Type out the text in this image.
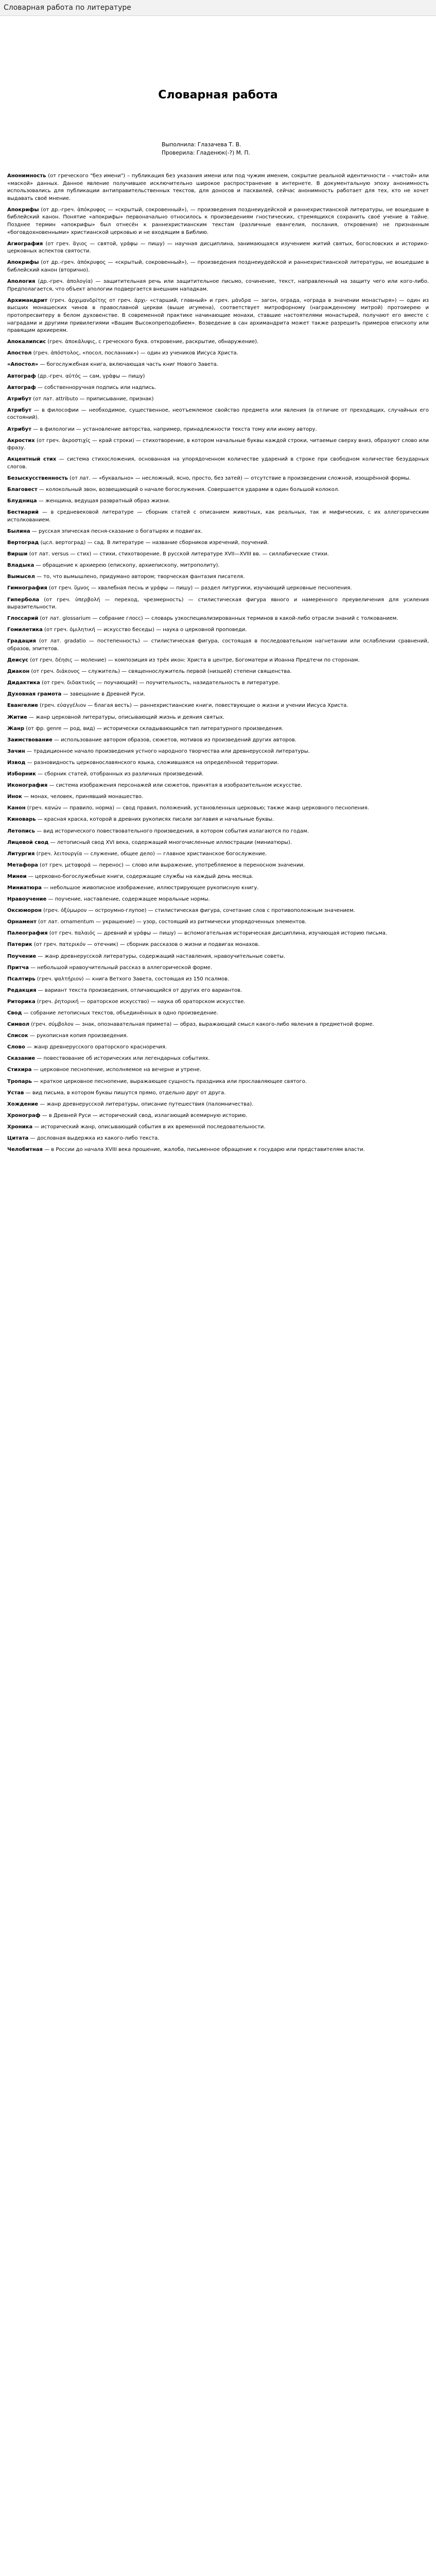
Словарная работа по литературе
Словарная работа

Выполнила: Глазачева Т. В.

Проверила: Гладенюк(-?) М. П.

Анонимность (от греческого "без имени") – публикация без указания имени или под чужим именем, сокрытие реальной идентичности – «чистой» или «маской» данных. Данное явление получившее исключительно широкое распространение в интернете. В документальную эпоху анонимность использовались для публикации антиправительственных текстов, для доносов и пасквилей, сейчас анонимность работает для тех, кто не хочет выдавать своё мнение.

Апокрифы (от др.-греч. ἀπόκρυφος — «скрытый, сокровенный»), — произведения позднеиудейской и раннехристианской литературы, не вошедшие в библейский канон. Понятие «апокрифы» первоначально относилось к произведениям гностических, стремящихся сохранить своё учение в тайне. Позднее термин «апокрифы» был отнесён к раннехристианским текстам (различные евангелия, послания, откровения) не признанным «боговдохновенными» христианской церковью и не входящим в Библию.

Агиография (от греч. ἅγιος — святой, γράφω — пишу) — научная дисциплина, занимающаяся изучением житий святых, богословских и историко-церковных аспектов святости.

Апокрифы (от др.-греч. ἀπόκρυφος — «скрытый, сокровенный»), — произведения позднеиудейской и раннехристианской литературы, не вошедшие в библейский канон (вторично).

Апология (др.-греч. ἀπολογία) — защитительная речь или защитительное письмо, сочинение, текст, направленный на защиту чего или кого-либо. Предполагается, что объект апологии подвергается внешним нападкам.

Архимандрит (греч. ἀρχιμανδρίτης от греч. ἀρχι- «старший, главный» и греч. μάνδρα — загон, ограда, «ограда в значении монастыря») — один из высших монашеских чинов в православной церкви (выше игумена), соответствует митрофорному (награжденному митрой) протоиерею и протопресвитеру в белом духовенстве. В современной практике начинающие монахи, ставшие настоятелями монастырей, получают его вместе с наградами и другими привилегиями «Вашим Высокопреподобием». Возведение в сан архимандрита может также разрешить примеров епископу или правящим архиереям.

Апокалипсис (греч. ἀποκάλυψις, с греческого букв. откровение, раскрытие, обнаружение).

Апостол (греч. ἀπόστολος, «посол, посланник») — один из учеников Иисуса Христа.

«Апостол» — богослужебная книга, включающая часть книг Нового Завета.

Автограф (др.-греч. αὐτός — сам, γράφω — пишу)

Автограф — собственноручная подпись или надпись.

Атрибут (от лат. attributo — приписывание, признак)

Атрибут — в философии — необходимое, существенное, неотъемлемое свойство предмета или явления (в отличие от преходящих, случайных его состояний).

Атрибут — в филологии — установление авторства, например, принадлежности текста тому или иному автору.

Акростих (от греч. ἀκροστιχίς — край строки) — стихотворение, в котором начальные буквы каждой строки, читаемые сверху вниз, образуют слово или фразу.

Акцентный стих — система стихосложения, основанная на упорядоченном количестве ударений в строке при свободном количестве безударных слогов.

Безыскусственность (от лат. — «буквально» — несложный, ясно, просто, без затей) — отсутствие в произведении сложной, изощрённой формы.

Благовест — колокольный звон, возвещающий о начале богослужения. Совершается ударами в один большой колокол.

Блудница — женщина, ведущая развратный образ жизни.

Бестиарий — в средневековой литературе — сборник статей с описанием животных, как реальных, так и мифических, с их аллегорическим истолкованием.

Былина — русская эпическая песня-сказание о богатырях и подвигах.

Вертоград (цсл. вертоград) — сад. В литературе — название сборников изречений, поучений.

Вирши (от лат. versus — стих) — стихи, стихотворение. В русской литературе XVII—XVIII вв. — силлабические стихи.

Владыка — обращение к архиерею (епископу, архиепископу, митрополиту).

Вымысел — то, что вымышлено, придумано автором; творческая фантазия писателя.

Гимнография (от греч. ὕμνος — хвалебная песнь и γράφω — пишу) — раздел литургики, изучающий церковные песнопения.

Гипербола (от греч. ὑπερβολή — переход, чрезмерность) — стилистическая фигура явного и намеренного преувеличения для усиления выразительности.

Глоссарий (от лат. glossarium — собрание глосс) — словарь узкоспециализированных терминов в какой-либо отрасли знаний с толкованием.

Гомилетика (от греч. ὁμιλητική — искусство беседы) — наука о церковной проповеди.

Градация (от лат. gradatio — постепенность) — стилистическая фигура, состоящая в последовательном нагнетании или ослаблении сравнений, образов, эпитетов.

Деисус (от греч. δέησις — моление) — композиция из трёх икон: Христа в центре, Богоматери и Иоанна Предтечи по сторонам.

Диакон (от греч. διάκονος — служитель) — священнослужитель первой (низшей) степени священства.

Дидактика (от греч. διδακτικός — поучающий) — поучительность, назидательность в литературе.

Духовная грамота — завещание в Древней Руси.

Евангелие (греч. εὐαγγέλιον — благая весть) — раннехристианские книги, повествующие о жизни и учении Иисуса Христа.

Житие — жанр церковной литературы, описывающий жизнь и деяния святых.

Жанр (от фр. genre — род, вид) — исторически складывающийся тип литературного произведения.

Заимствование — использование автором образов, сюжетов, мотивов из произведений других авторов.

Зачин — традиционное начало произведения устного народного творчества или древнерусской литературы.

Извод — разновидность церковнославянского языка, сложившаяся на определённой территории.

Изборник — сборник статей, отобранных из различных произведений.

Иконография — система изображения персонажей или сюжетов, принятая в изобразительном искусстве.

Инок — монах, человек, принявший монашество.

Канон (греч. κανών — правило, норма) — свод правил, положений, установленных церковью; также жанр церковного песнопения.

Киноварь — красная краска, которой в древних рукописях писали заглавия и начальные буквы.

Летопись — вид исторического повествовательного произведения, в котором события излагаются по годам.

Лицевой свод — летописный свод XVI века, содержащий многочисленные иллюстрации (миниатюры).

Литургия (греч. λειτουργία — служение, общее дело) — главное христианское богослужение.

Метафора (от греч. μεταφορά — перенос) — слово или выражение, употребляемое в переносном значении.

Минеи — церковно-богослужебные книги, содержащие службы на каждый день месяца.

Миниатюра — небольшое живописное изображение, иллюстрирующее рукописную книгу.

Нравоучение — поучение, наставление, содержащее моральные нормы.

Оксюморон (греч. ὀξύμωρον — остроумно-глупое) — стилистическая фигура, сочетание слов с противоположным значением.

Орнамент (от лат. ornamentum — украшение) — узор, состоящий из ритмически упорядоченных элементов.

Палеография (от греч. παλαιός — древний и γράφω — пишу) — вспомогательная историческая дисциплина, изучающая историю письма.

Патерик (от греч. πατερικόν — отечник) — сборник рассказов о жизни и подвигах монахов.

Поучение — жанр древнерусской литературы, содержащий наставления, нравоучительные советы.

Притча — небольшой нравоучительный рассказ в аллегорической форме.

Псалтирь (греч. ψαλτήριον) — книга Ветхого Завета, состоящая из 150 псалмов.

Редакция — вариант текста произведения, отличающийся от других его вариантов.

Риторика (греч. ῥητορική — ораторское искусство) — наука об ораторском искусстве.

Свод — собрание летописных текстов, объединённых в одно произведение.

Символ (греч. σύμβολον — знак, опознавательная примета) — образ, выражающий смысл какого-либо явления в предметной форме.

Список — рукописная копия произведения.

Слово — жанр древнерусского ораторского красноречия.

Сказание — повествование об исторических или легендарных событиях.

Стихира — церковное песнопение, исполняемое на вечерне и утрене.

Тропарь — краткое церковное песнопение, выражающее сущность праздника или прославляющее святого.

Устав — вид письма, в котором буквы пишутся прямо, отдельно друг от друга.

Хождение — жанр древнерусской литературы, описание путешествия (паломничества).

Хронограф — в Древней Руси — исторический свод, излагающий всемирную историю.

Хроника — исторический жанр, описывающий события в их временной последовательности.

Цитата — дословная выдержка из какого-либо текста.

Челобитная — в России до начала XVIII века прошение, жалоба, письменное обращение к государю или представителям власти.
